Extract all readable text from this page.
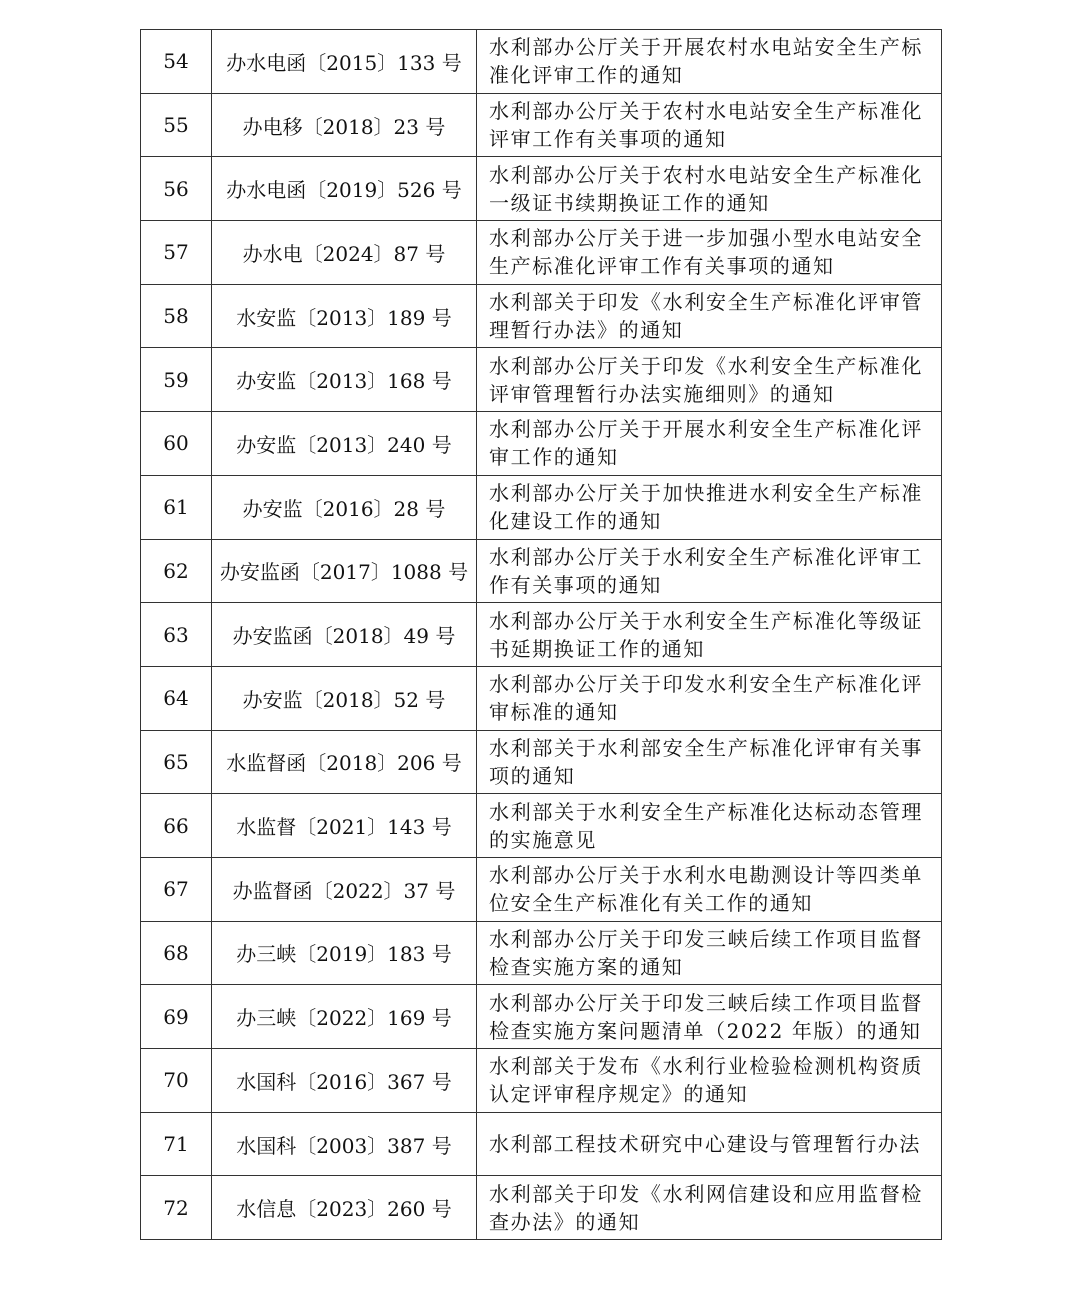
54	办水电函〔2015〕133 号	水利部办公厅关于开展农村水电站安全生产标准化评审工作的通知
55	办电移〔2018〕23 号	水利部办公厅关于农村水电站安全生产标准化评审工作有关事项的通知
56	办水电函〔2019〕526 号	水利部办公厅关于农村水电站安全生产标准化一级证书续期换证工作的通知
57	办水电〔2024〕87 号	水利部办公厅关于进一步加强小型水电站安全生产标准化评审工作有关事项的通知
58	水安监〔2013〕189 号	水利部关于印发《水利安全生产标准化评审管理暂行办法》的通知
59	办安监〔2013〕168 号	水利部办公厅关于印发《水利安全生产标准化评审管理暂行办法实施细则》的通知
60	办安监〔2013〕240 号	水利部办公厅关于开展水利安全生产标准化评审工作的通知
61	办安监〔2016〕28 号	水利部办公厅关于加快推进水利安全生产标准化建设工作的通知
62	办安监函〔2017〕1088 号	水利部办公厅关于水利安全生产标准化评审工作有关事项的通知
63	办安监函〔2018〕49 号	水利部办公厅关于水利安全生产标准化等级证书延期换证工作的通知
64	办安监〔2018〕52 号	水利部办公厅关于印发水利安全生产标准化评审标准的通知
65	水监督函〔2018〕206 号	水利部关于水利部安全生产标准化评审有关事项的通知
66	水监督〔2021〕143 号	水利部关于水利安全生产标准化达标动态管理的实施意见
67	办监督函〔2022〕37 号	水利部办公厅关于水利水电勘测设计等四类单位安全生产标准化有关工作的通知
68	办三峡〔2019〕183 号	水利部办公厅关于印发三峡后续工作项目监督检查实施方案的通知
69	办三峡〔2022〕169 号	水利部办公厅关于印发三峡后续工作项目监督检查实施方案问题清单（2022 年版）的通知
70	水国科〔2016〕367 号	水利部关于发布《水利行业检验检测机构资质认定评审程序规定》的通知
71	水国科〔2003〕387 号	水利部工程技术研究中心建设与管理暂行办法
72	水信息〔2023〕260 号	水利部关于印发《水利网信建设和应用监督检查办法》的通知
